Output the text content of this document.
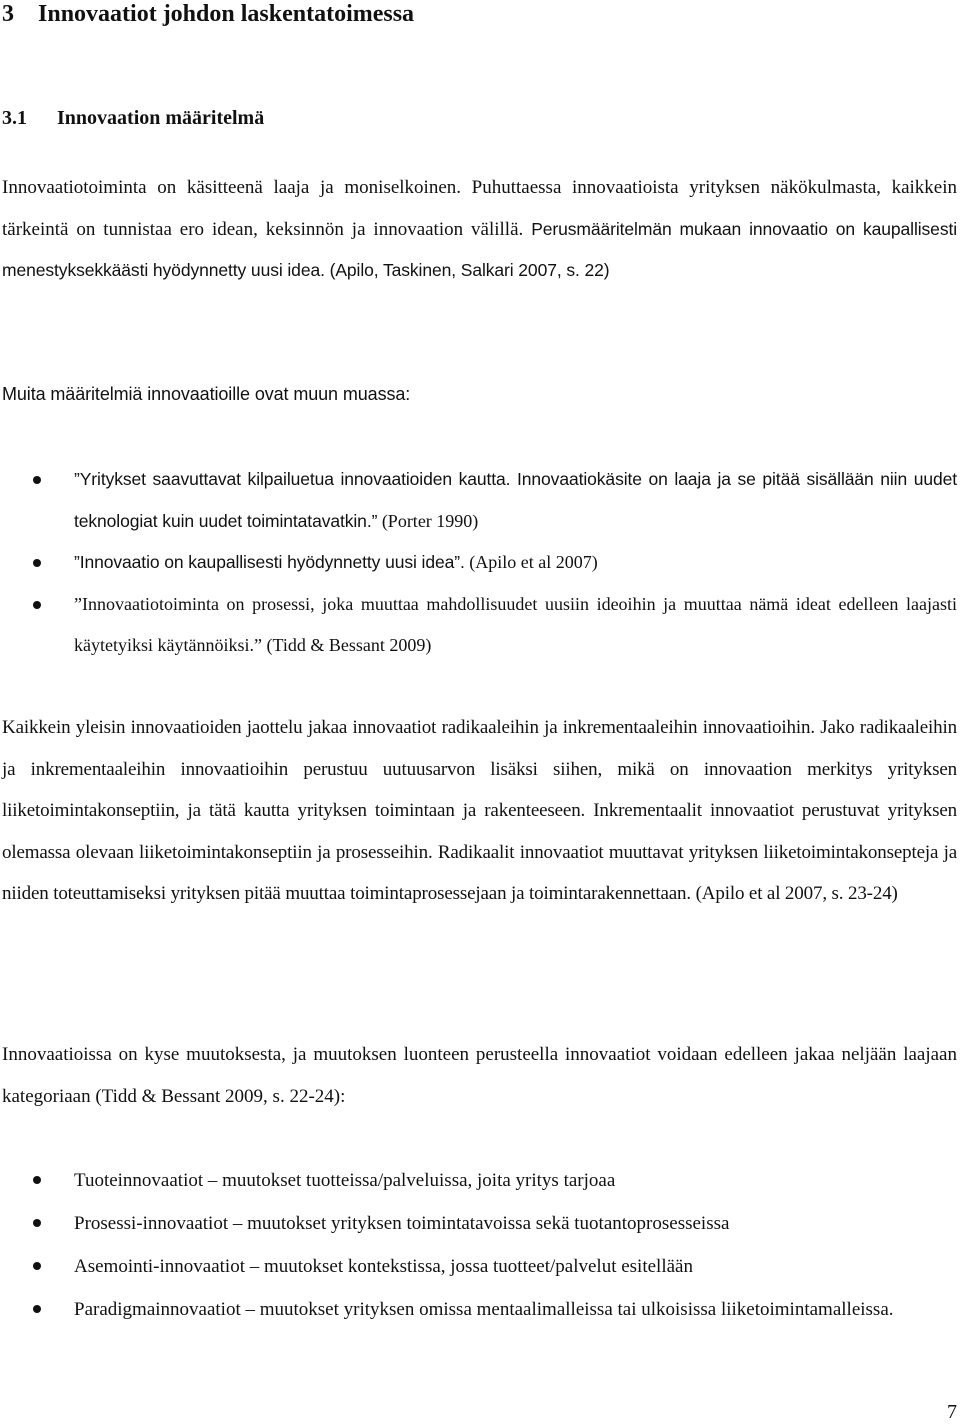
3 Innovaatiot johdon laskentatoimessa
3.1 Innovaation määritelmä

Innovaatiotoiminta on käsitteenä laaja ja moniselkoinen. Puhuttaessa innovaatioista yrityksen näkökulmasta, kaikkein tärkeintä on tunnistaa ero idean, keksinnön ja innovaation välillä. Perusmääritelmän mukaan innovaatio on kaupallisesti menestyksekkäästi hyödynnetty uusi idea. (Apilo, Taskinen, Salkari 2007, s. 22)

Muita määritelmiä innovaatioille ovat muun muassa:

”Yritykset saavuttavat kilpailuetua innovaatioiden kautta. Innovaatiokäsite on laaja ja se pitää sisällään niin uudet teknologiat kuin uudet toimintatavatkin.” (Porter 1990)
”Innovaatio on kaupallisesti hyödynnetty uusi idea”. (Apilo et al 2007)
”Innovaatiotoiminta on prosessi, joka muuttaa mahdollisuudet uusiin ideoihin ja muuttaa nämä ideat edelleen laajasti käytetyiksi käytännöiksi.” (Tidd & Bessant 2009)

Kaikkein yleisin innovaatioiden jaottelu jakaa innovaatiot radikaaleihin ja inkrementaaleihin innovaatioihin. Jako radikaaleihin ja inkrementaaleihin innovaatioihin perustuu uutuusarvon lisäksi siihen, mikä on innovaation merkitys yrityksen liiketoimintakonseptiin, ja tätä kautta yrityksen toimintaan ja rakenteeseen. Inkrementaalit innovaatiot perustuvat yrityksen olemassa olevaan liiketoimintakonseptiin ja prosesseihin. Radikaalit innovaatiot muuttavat yrityksen liiketoimintakonsepteja ja niiden toteuttamiseksi yrityksen pitää muuttaa toimintaprosessejaan ja toimintarakennettaan. (Apilo et al 2007, s. 23-24)

Innovaatioissa on kyse muutoksesta, ja muutoksen luonteen perusteella innovaatiot voidaan edelleen jakaa neljään laajaan kategoriaan (Tidd & Bessant 2009, s. 22-24):

Tuoteinnovaatiot – muutokset tuotteissa/palveluissa, joita yritys tarjoaa
Prosessi-innovaatiot – muutokset yrityksen toimintatavoissa sekä tuotantoprosesseissa
Asemointi-innovaatiot – muutokset kontekstissa, jossa tuotteet/palvelut esitellään
Paradigmainnovaatiot – muutokset yrityksen omissa mentaalimalleissa tai ulkoisissa liiketoimintamalleissa.
7
